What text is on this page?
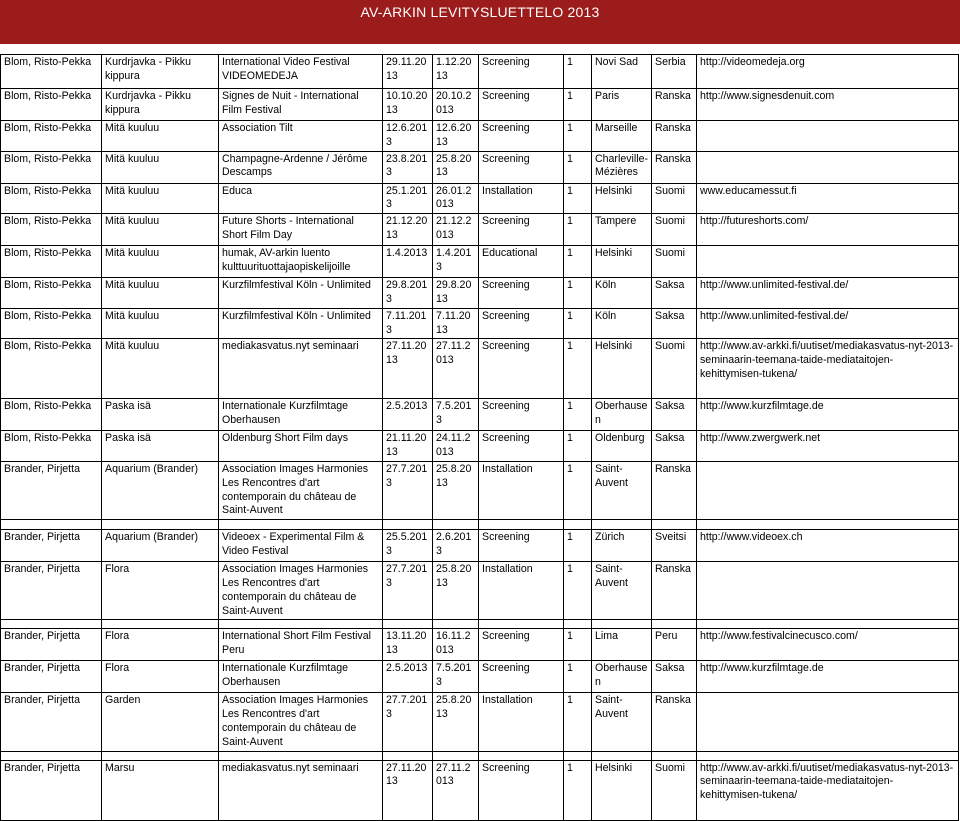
AV-ARKIN LEVITYSLUETTELO 2013
Blom, Risto-Pekka	Kurdrjavka - Pikku kippura	International Video Festival VIDEOMEDEJA	29.11.2013	1.12.2013	Screening	1	Novi Sad	Serbia	http://videomedeja.org
Blom, Risto-Pekka	Kurdrjavka - Pikku kippura	Signes de Nuit - International Film Festival	10.10.2013	20.10.2013	Screening	1	Paris	Ranska	http://www.signesdenuit.com
Blom, Risto-Pekka	Mitä kuuluu	Association Tilt	12.6.2013	12.6.2013	Screening	1	Marseille	Ranska	
Blom, Risto-Pekka	Mitä kuuluu	Champagne-Ardenne / Jérôme Descamps	23.8.2013	25.8.2013	Screening	1	Charleville-Mézières	Ranska	
Blom, Risto-Pekka	Mitä kuuluu	Educa	25.1.2013	26.01.2013	Installation	1	Helsinki	Suomi	www.educamessut.fi
Blom, Risto-Pekka	Mitä kuuluu	Future Shorts - International Short Film Day	21.12.2013	21.12.2013	Screening	1	Tampere	Suomi	http://futureshorts.com/
Blom, Risto-Pekka	Mitä kuuluu	humak, AV-arkin luento kulttuurituottajaopiskelijoille	1.4.2013	1.4.2013	Educational	1	Helsinki	Suomi	
Blom, Risto-Pekka	Mitä kuuluu	Kurzfilmfestival Köln - Unlimited	29.8.2013	29.8.2013	Screening	1	Köln	Saksa	http://www.unlimited-festival.de/
Blom, Risto-Pekka	Mitä kuuluu	Kurzfilmfestival Köln - Unlimited	7.11.2013	7.11.2013	Screening	1	Köln	Saksa	http://www.unlimited-festival.de/
Blom, Risto-Pekka	Mitä kuuluu	mediakasvatus.nyt seminaari	27.11.2013	27.11.2013	Screening	1	Helsinki	Suomi	http://www.av-arkki.fi/uutiset/mediakasvatus-nyt-2013-seminaarin-teemana-taide-mediataitojen-kehittymisen-tukena/
Blom, Risto-Pekka	Paska isä	Internationale Kurzfilmtage Oberhausen	2.5.2013	7.5.2013	Screening	1	Oberhausen	Saksa	http://www.kurzfilmtage.de
Blom, Risto-Pekka	Paska isä	Oldenburg Short Film days	21.11.2013	24.11.2013	Screening	1	Oldenburg	Saksa	http://www.zwergwerk.net
Brander, Pirjetta	Aquarium (Brander)	Association Images Harmonies Les Rencontres d'art contemporain du château de Saint-Auvent	27.7.2013	25.8.2013	Installation	1	Saint-Auvent	Ranska	

Brander, Pirjetta	Aquarium (Brander)	Videoex - Experimental Film & Video Festival	25.5.2013	2.6.2013	Screening	1	Zürich	Sveitsi	http://www.videoex.ch
Brander, Pirjetta	Flora	Association Images Harmonies Les Rencontres d'art contemporain du château de Saint-Auvent	27.7.2013	25.8.2013	Installation	1	Saint-Auvent	Ranska	

Brander, Pirjetta	Flora	International Short Film Festival Peru	13.11.2013	16.11.2013	Screening	1	Lima	Peru	http://www.festivalcinecusco.com/
Brander, Pirjetta	Flora	Internationale Kurzfilmtage Oberhausen	2.5.2013	7.5.2013	Screening	1	Oberhausen	Saksa	http://www.kurzfilmtage.de
Brander, Pirjetta	Garden	Association Images Harmonies Les Rencontres d'art contemporain du château de Saint-Auvent	27.7.2013	25.8.2013	Installation	1	Saint-Auvent	Ranska	

Brander, Pirjetta	Marsu	mediakasvatus.nyt seminaari	27.11.2013	27.11.2013	Screening	1	Helsinki	Suomi	http://www.av-arkki.fi/uutiset/mediakasvatus-nyt-2013-seminaarin-teemana-taide-mediataitojen-kehittymisen-tukena/
